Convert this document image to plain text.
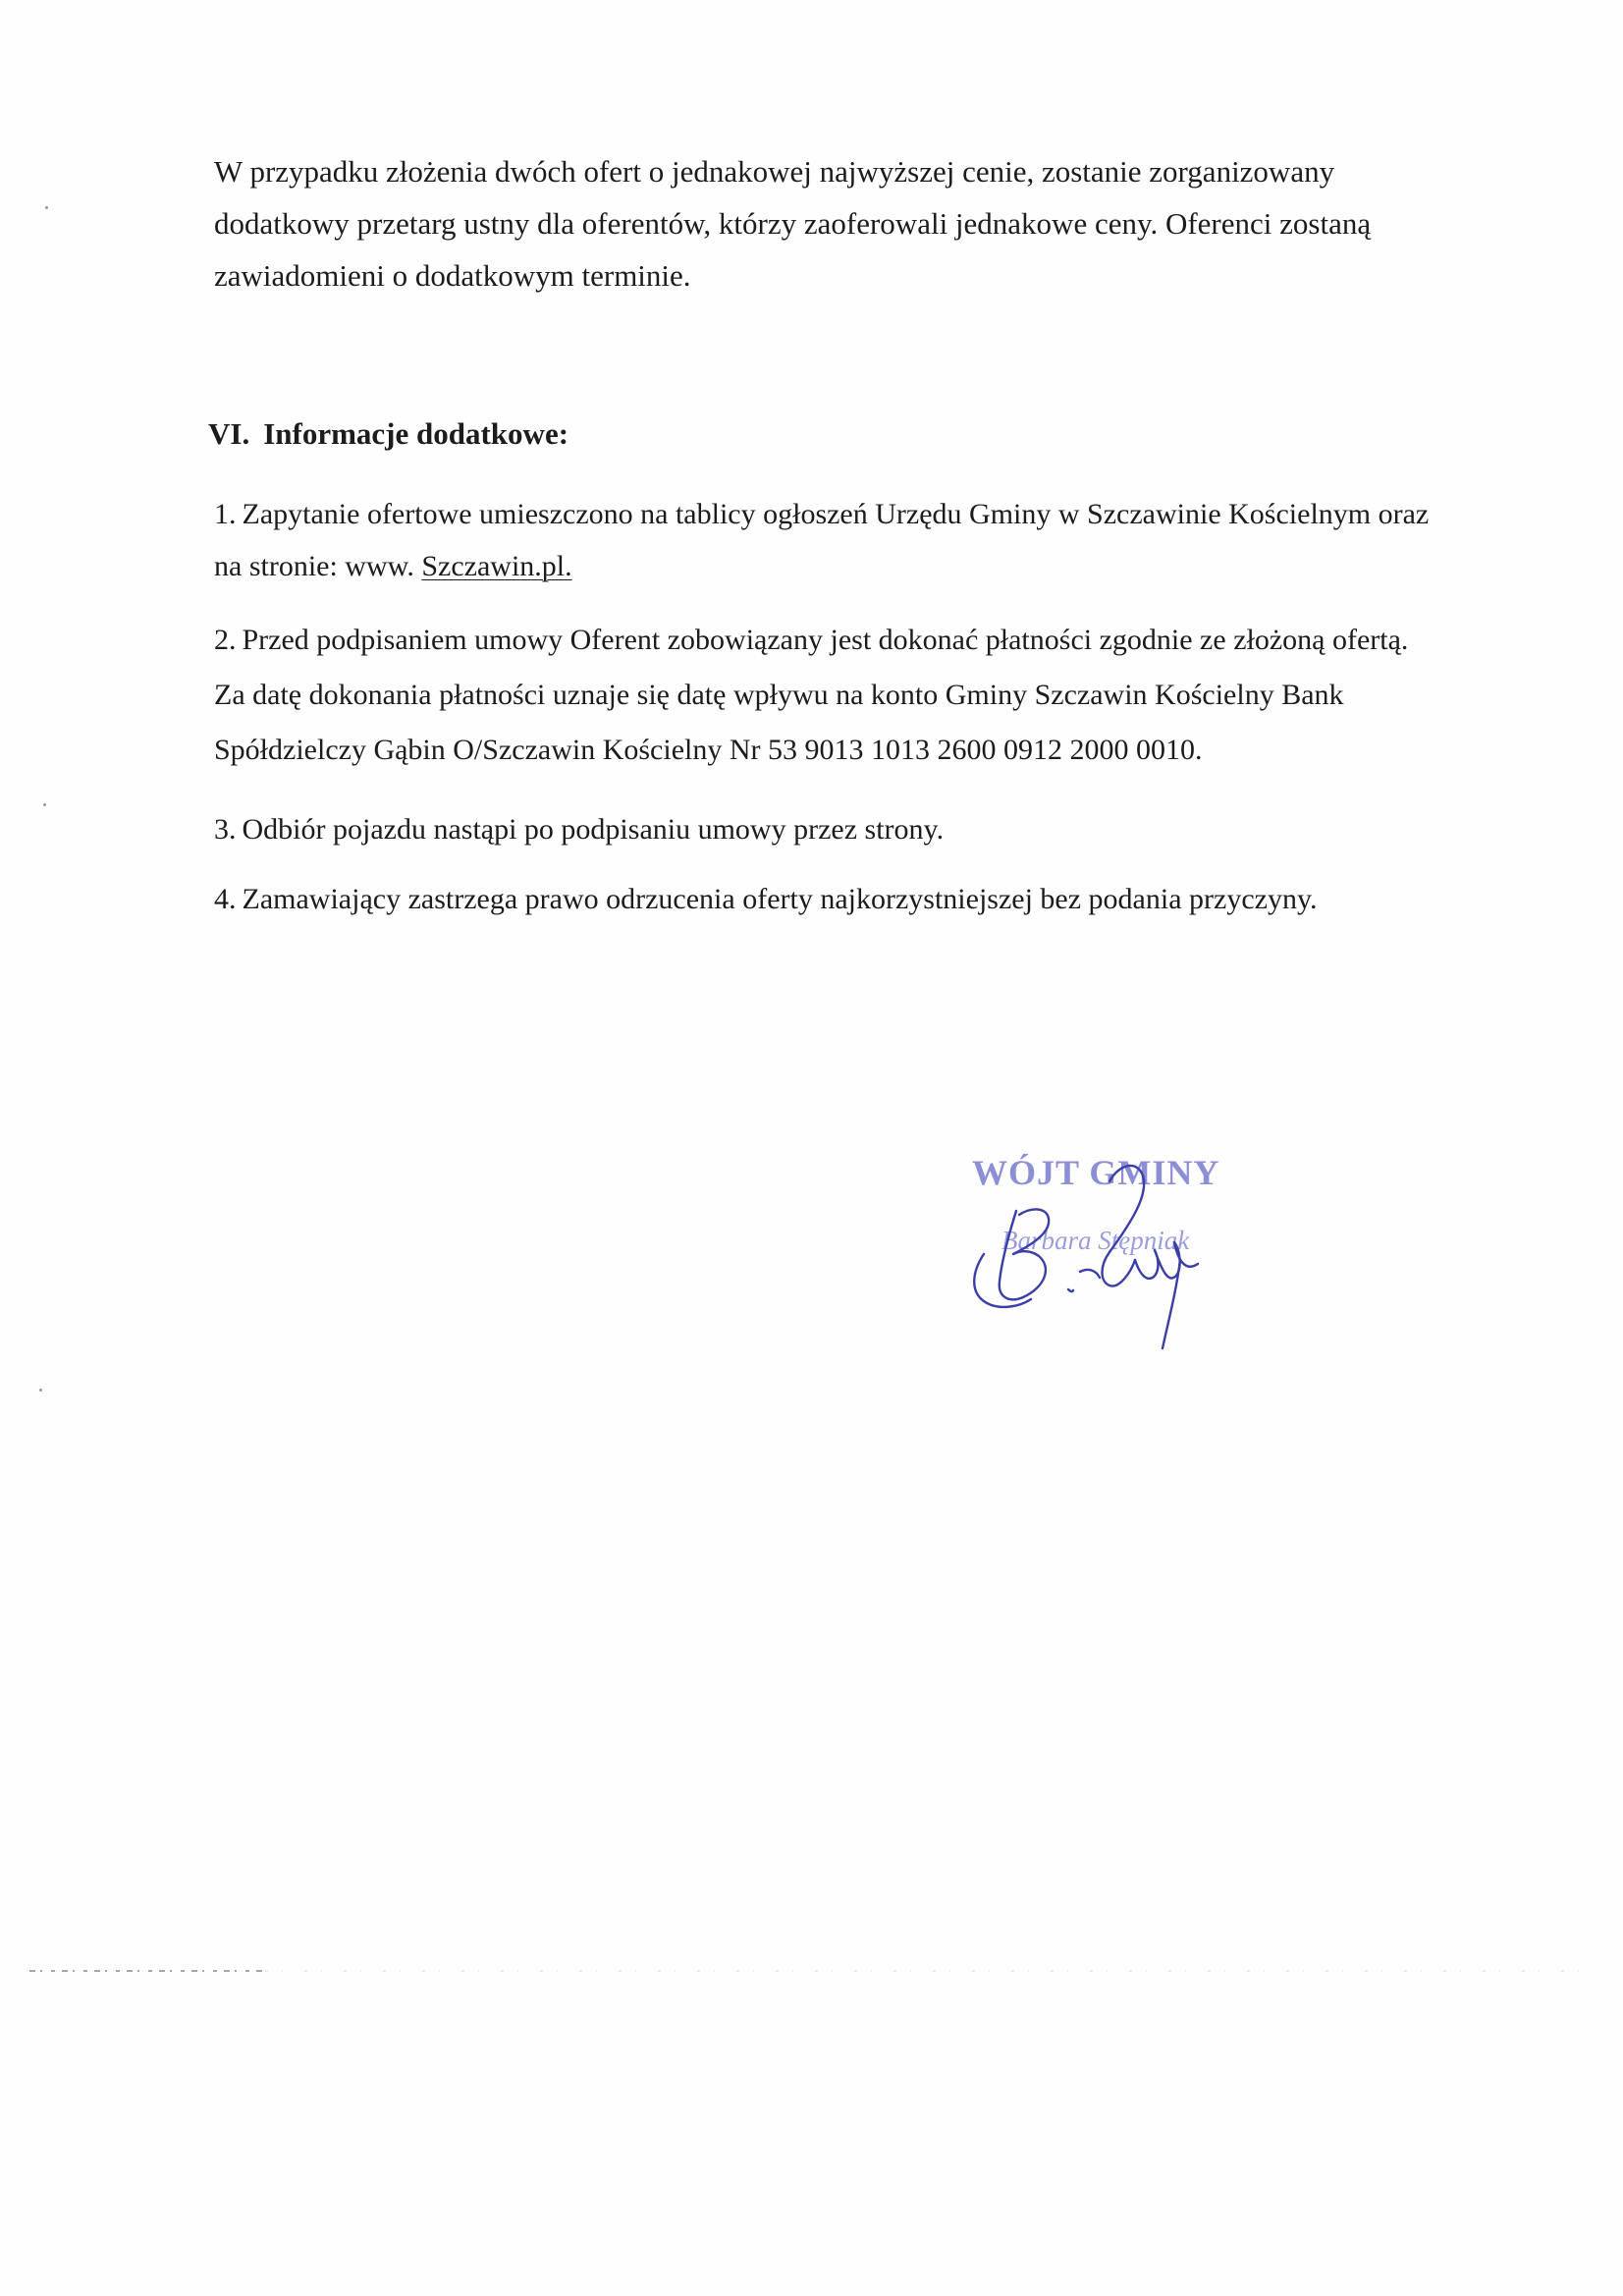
W przypadku złożenia dwóch ofert o jednakowej najwyższej cenie, zostanie zorganizowany
dodatkowy przetarg ustny dla oferentów, którzy zaoferowali jednakowe ceny. Oferenci zostaną
zawiadomieni o dodatkowym terminie.

VI. Informacje dodatkowe:

1. Zapytanie ofertowe umieszczono na tablicy ogłoszeń Urzędu Gminy w Szczawinie Kościelnym oraz
na stronie: www. Szczawin.pl.

2. Przed podpisaniem umowy Oferent zobowiązany jest dokonać płatności zgodnie ze złożoną ofertą.
Za datę dokonania płatności uznaje się datę wpływu na konto Gminy Szczawin Kościelny Bank
Spółdzielczy Gąbin O/Szczawin Kościelny Nr 53 9013 1013 2600 0912 2000 0010.

3. Odbiór pojazdu nastąpi po podpisaniu umowy przez strony.

4. Zamawiający zastrzega prawo odrzucenia oferty najkorzystniejszej bez podania przyczyny.

WÓJT GMINY
Barbara Stępniak
